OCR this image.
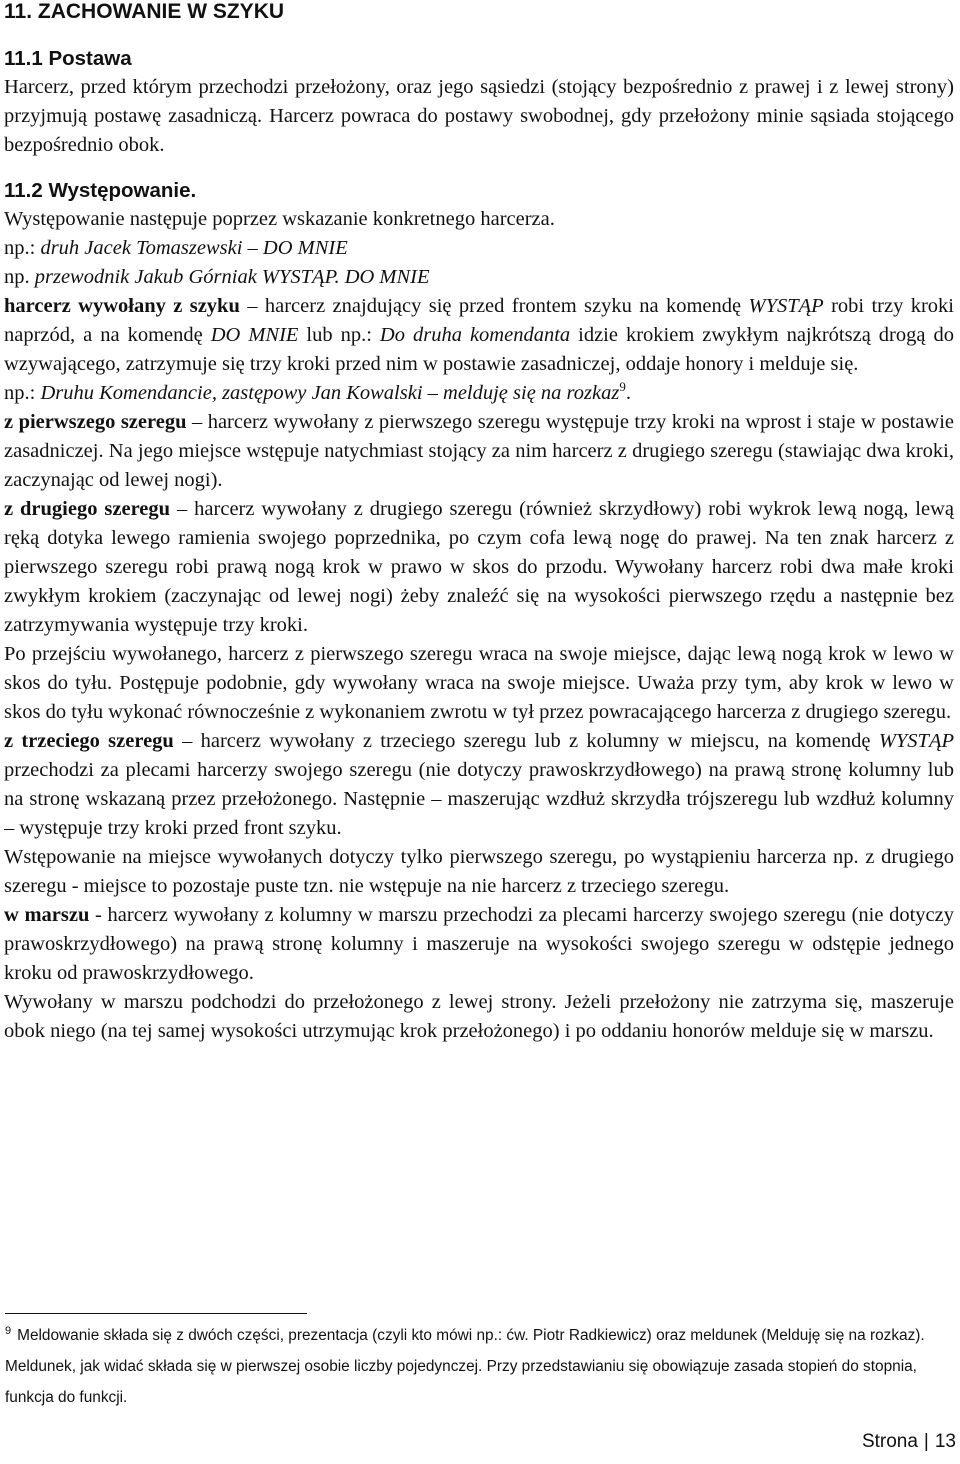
11. ZACHOWANIE W SZYKU
11.1 Postawa

Harcerz, przed którym przechodzi przełożony, oraz jego sąsiedzi (stojący bezpośrednio z prawej i z lewej strony) przyjmują postawę zasadniczą. Harcerz powraca do postawy swobodnej, gdy przełożony minie sąsiada stojącego bezpośrednio obok.

11.2 Występowanie.

Występowanie następuje poprzez wskazanie konkretnego harcerza.

np.: druh Jacek Tomaszewski – DO MNIE

np. przewodnik Jakub Górniak WYSTĄP. DO MNIE

harcerz wywołany z szyku – harcerz znajdujący się przed frontem szyku na komendę WYSTĄP robi trzy kroki naprzód, a na komendę DO MNIE lub np.: Do druha komendanta idzie krokiem zwykłym najkrótszą drogą do wzywającego, zatrzymuje się trzy kroki przed nim w postawie zasadniczej, oddaje honory i melduje się.

np.: Druhu Komendancie, zastępowy Jan Kowalski – melduję się na rozkaz$^9$.

z pierwszego szeregu – harcerz wywołany z pierwszego szeregu występuje trzy kroki na wprost i staje w postawie zasadniczej. Na jego miejsce wstępuje natychmiast stojący za nim harcerz z drugiego szeregu (stawiając dwa kroki, zaczynając od lewej nogi).

z drugiego szeregu – harcerz wywołany z drugiego szeregu (również skrzydłowy) robi wykrok lewą nogą, lewą ręką dotyka lewego ramienia swojego poprzednika, po czym cofa lewą nogę do prawej. Na ten znak harcerz z pierwszego szeregu robi prawą nogą krok w prawo w skos do przodu. Wywołany harcerz robi dwa małe kroki zwykłym krokiem (zaczynając od lewej nogi) żeby znaleźć się na wysokości pierwszego rzędu a następnie bez zatrzymywania występuje trzy kroki.

Po przejściu wywołanego, harcerz z pierwszego szeregu wraca na swoje miejsce, dając lewą nogą krok w lewo w skos do tyłu. Postępuje podobnie, gdy wywołany wraca na swoje miejsce. Uważa przy tym, aby krok w lewo w skos do tyłu wykonać równocześnie z wykonaniem zwrotu w tył przez powracającego harcerza z drugiego szeregu.

z trzeciego szeregu – harcerz wywołany z trzeciego szeregu lub z kolumny w miejscu, na komendę WYSTĄP przechodzi za plecami harcerzy swojego szeregu (nie dotyczy prawoskrzydłowego) na prawą stronę kolumny lub na stronę wskazaną przez przełożonego. Następnie – maszerując wzdłuż skrzydła trójszeregu lub wzdłuż kolumny – występuje trzy kroki przed front szyku.

Wstępowanie na miejsce wywołanych dotyczy tylko pierwszego szeregu, po wystąpieniu harcerza np. z drugiego szeregu - miejsce to pozostaje puste tzn. nie wstępuje na nie harcerz z trzeciego szeregu.

w marszu - harcerz wywołany z kolumny w marszu przechodzi za plecami harcerzy swojego szeregu (nie dotyczy prawoskrzydłowego) na prawą stronę kolumny i maszeruje na wysokości swojego szeregu w odstępie jednego kroku od prawoskrzydłowego.

Wywołany w marszu podchodzi do przełożonego z lewej strony. Jeżeli przełożony nie zatrzyma się, maszeruje obok niego (na tej samej wysokości utrzymując krok przełożonego) i po oddaniu honorów melduje się w marszu.

$^9$ Meldowanie składa się z dwóch części, prezentacja (czyli kto mówi np.: ćw. Piotr Radkiewicz) oraz meldunek (Melduję się na rozkaz). Meldunek, jak widać składa się w pierwszej osobie liczby pojedynczej. Przy przedstawianiu się obowiązuje zasada stopień do stopnia, funkcja do funkcji.
Strona | 13
